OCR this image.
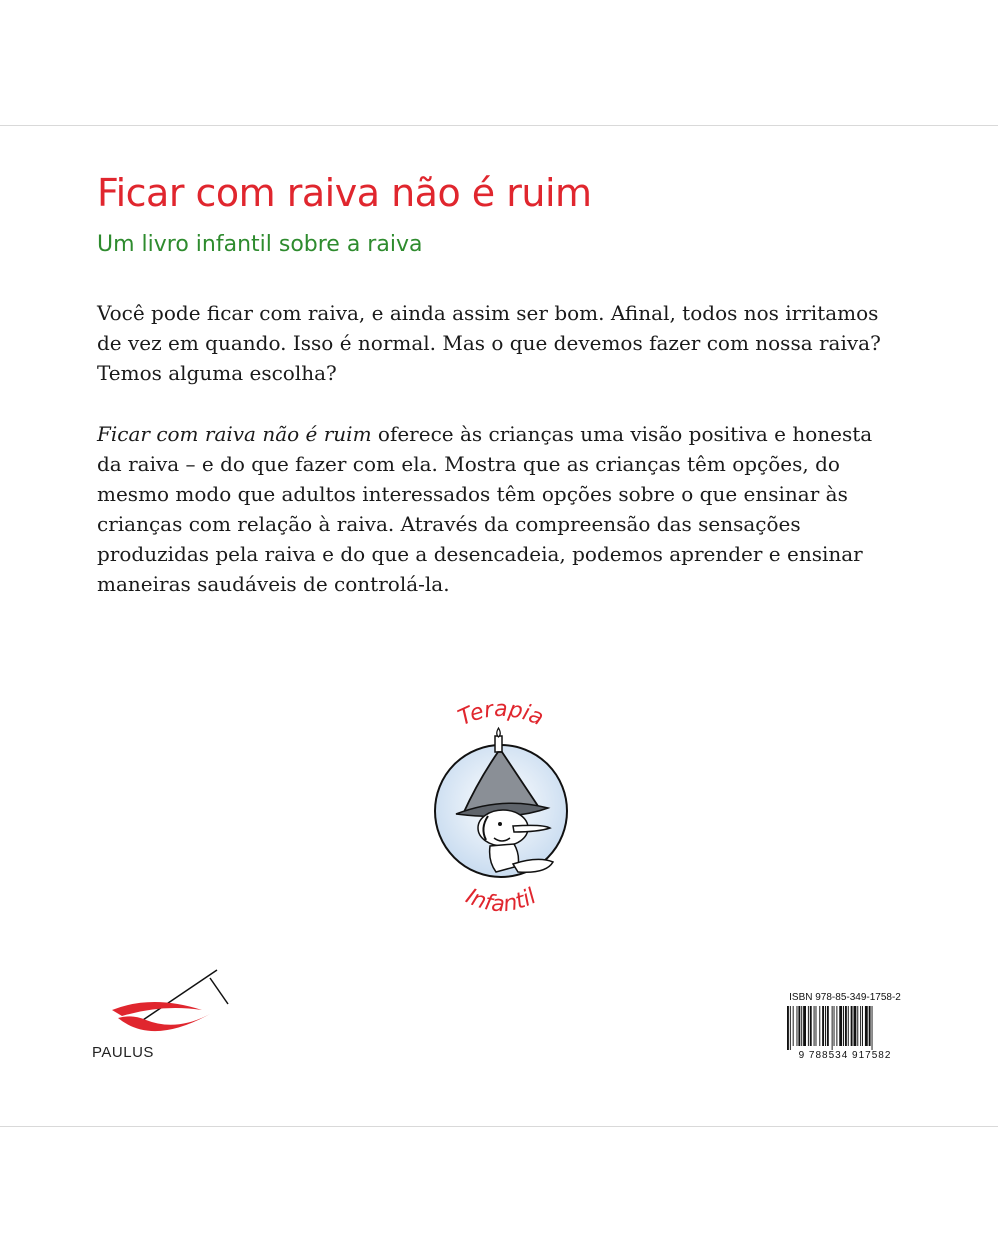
Ficar com raiva não é ruim
Um livro infantil sobre a raiva

Você pode ficar com raiva, e ainda assim ser bom. Afinal, todos nos irritamos de vez em quando. Isso é normal. Mas o que devemos fazer com nossa raiva? Temos alguma escolha?

Ficar com raiva não é ruim oferece às crianças uma visão positiva e honesta da raiva – e do que fazer com ela. Mostra que as crianças têm opções, do mesmo modo que adultos interessados têm opções sobre o que ensinar às crianças com relação à raiva. Através da compreensão das sensações produzidas pela raiva e do que a desencadeia, podemos aprender e ensinar maneiras saudáveis de controlá-la.

Terapia
Infantil
PAULUS
ISBN 978-85-349-1758-2
9 788534 917582
